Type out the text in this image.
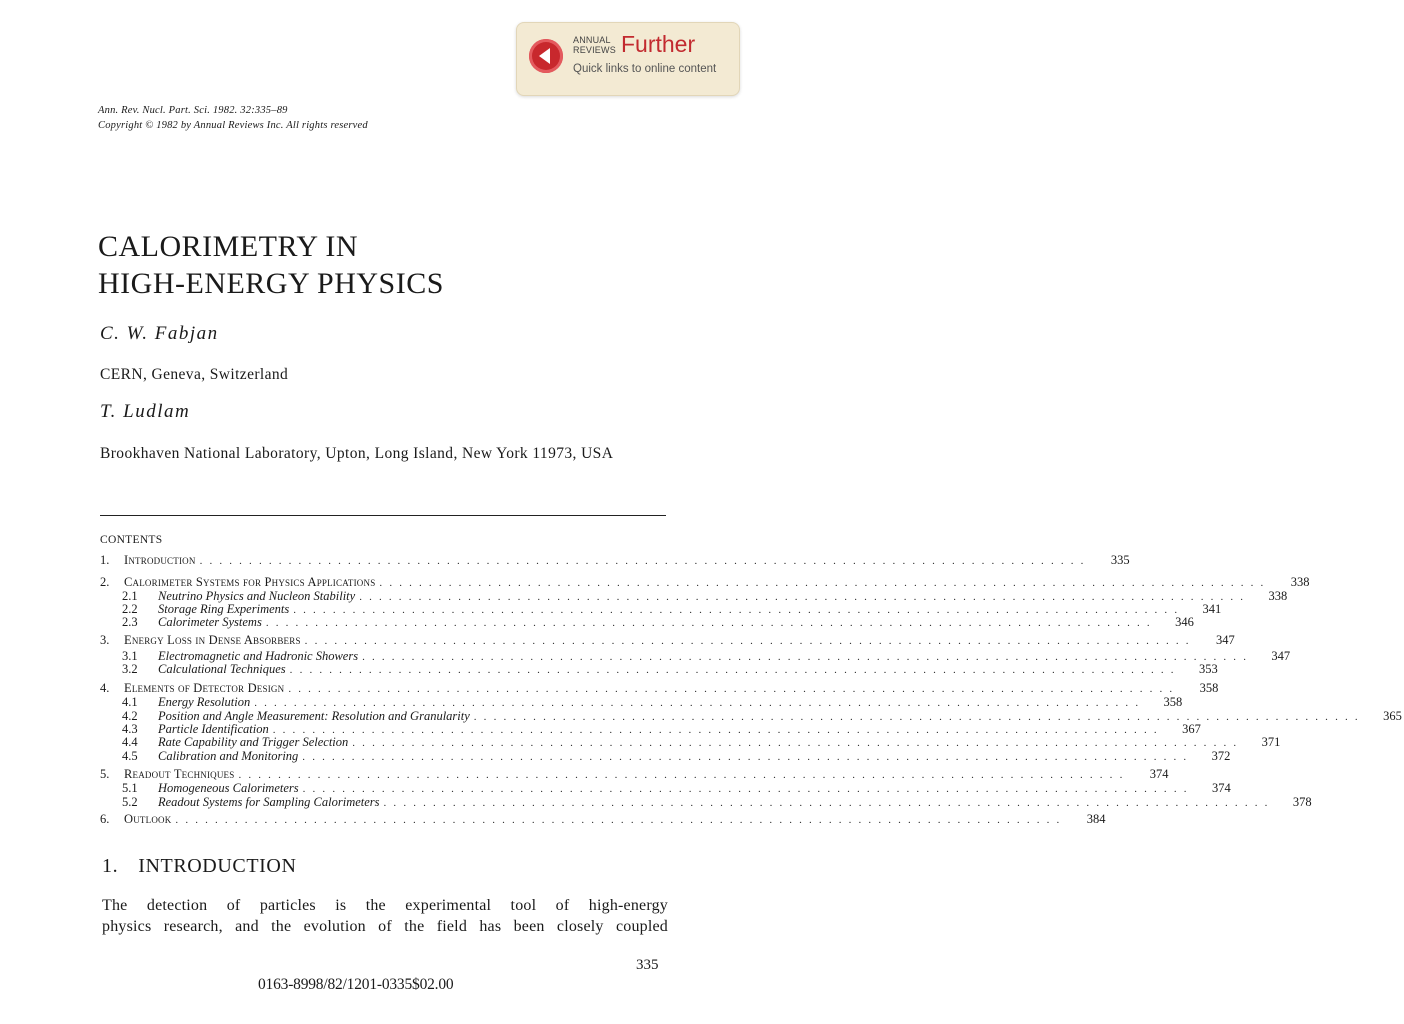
ANNUAL
REVIEWS Further
Quick links to online content
Ann. Rev. Nucl. Part. Sci. 1982. 32:335–89
Copyright © 1982 by Annual Reviews Inc. All rights reserved
CALORIMETRY IN
HIGH-ENERGY PHYSICS
C. W. Fabjan
CERN, Geneva, Switzerland
T. Ludlam
Brookhaven National Laboratory, Upton, Long Island, New York 11973, USA
CONTENTS
1.	Introduction . . . . . . . . . . . . . . . . . . . . . . . . . . . . . . . . . . . . . . . . . . . . . . . . . . . . . . . . . . . . . . . . . . . . . . . . . . . . . . . . . . . . . . . . . .	335
2.	Calorimeter Systems for Physics Applications . . . . . . . . . . . . . . . . . . . . . . . . . . . . . . . . . . . . . . . . . . . . . . . . . . . . . . . . . . . . . . . . . . . . . . . . . . . . . . . . . . . . . . . . . .	338
2.1	Neutrino Physics and Nucleon Stability . . . . . . . . . . . . . . . . . . . . . . . . . . . . . . . . . . . . . . . . . . . . . . . . . . . . . . . . . . . . . . . . . . . . . . . . . . . . . . . . . . . . . . . . . .	338
2.2	Storage Ring Experiments . . . . . . . . . . . . . . . . . . . . . . . . . . . . . . . . . . . . . . . . . . . . . . . . . . . . . . . . . . . . . . . . . . . . . . . . . . . . . . . . . . . . . . . . . .	341
2.3	Calorimeter Systems . . . . . . . . . . . . . . . . . . . . . . . . . . . . . . . . . . . . . . . . . . . . . . . . . . . . . . . . . . . . . . . . . . . . . . . . . . . . . . . . . . . . . . . . . .	346
3.	Energy Loss in Dense Absorbers . . . . . . . . . . . . . . . . . . . . . . . . . . . . . . . . . . . . . . . . . . . . . . . . . . . . . . . . . . . . . . . . . . . . . . . . . . . . . . . . . . . . . . . . . .	347
3.1	Electromagnetic and Hadronic Showers . . . . . . . . . . . . . . . . . . . . . . . . . . . . . . . . . . . . . . . . . . . . . . . . . . . . . . . . . . . . . . . . . . . . . . . . . . . . . . . . . . . . . . . . . .	347
3.2	Calculational Techniques . . . . . . . . . . . . . . . . . . . . . . . . . . . . . . . . . . . . . . . . . . . . . . . . . . . . . . . . . . . . . . . . . . . . . . . . . . . . . . . . . . . . . . . . . .	353
4.	Elements of Detector Design . . . . . . . . . . . . . . . . . . . . . . . . . . . . . . . . . . . . . . . . . . . . . . . . . . . . . . . . . . . . . . . . . . . . . . . . . . . . . . . . . . . . . . . . . .	358
4.1	Energy Resolution . . . . . . . . . . . . . . . . . . . . . . . . . . . . . . . . . . . . . . . . . . . . . . . . . . . . . . . . . . . . . . . . . . . . . . . . . . . . . . . . . . . . . . . . . .	358
4.2	Position and Angle Measurement: Resolution and Granularity . . . . . . . . . . . . . . . . . . . . . . . . . . . . . . . . . . . . . . . . . . . . . . . . . . . . . . . . . . . . . . . . . . . . . . . . . . . . . . . . . . . . . . . . . .	365
4.3	Particle Identification . . . . . . . . . . . . . . . . . . . . . . . . . . . . . . . . . . . . . . . . . . . . . . . . . . . . . . . . . . . . . . . . . . . . . . . . . . . . . . . . . . . . . . . . . .	367
4.4	Rate Capability and Trigger Selection . . . . . . . . . . . . . . . . . . . . . . . . . . . . . . . . . . . . . . . . . . . . . . . . . . . . . . . . . . . . . . . . . . . . . . . . . . . . . . . . . . . . . . . . . .	371
4.5	Calibration and Monitoring . . . . . . . . . . . . . . . . . . . . . . . . . . . . . . . . . . . . . . . . . . . . . . . . . . . . . . . . . . . . . . . . . . . . . . . . . . . . . . . . . . . . . . . . . .	372
5.	Readout Techniques . . . . . . . . . . . . . . . . . . . . . . . . . . . . . . . . . . . . . . . . . . . . . . . . . . . . . . . . . . . . . . . . . . . . . . . . . . . . . . . . . . . . . . . . . .	374
5.1	Homogeneous Calorimeters . . . . . . . . . . . . . . . . . . . . . . . . . . . . . . . . . . . . . . . . . . . . . . . . . . . . . . . . . . . . . . . . . . . . . . . . . . . . . . . . . . . . . . . . . .	374
5.2	Readout Systems for Sampling Calorimeters . . . . . . . . . . . . . . . . . . . . . . . . . . . . . . . . . . . . . . . . . . . . . . . . . . . . . . . . . . . . . . . . . . . . . . . . . . . . . . . . . . . . . . . . . .	378
6.	Outlook . . . . . . . . . . . . . . . . . . . . . . . . . . . . . . . . . . . . . . . . . . . . . . . . . . . . . . . . . . . . . . . . . . . . . . . . . . . . . . . . . . . . . . . . . .	384
1. INTRODUCTION
The detection of particles is the experimental tool of high-energy
physics research, and the evolution of the field has been closely coupled
335
0163-8998/82/1201-0335$02.00
